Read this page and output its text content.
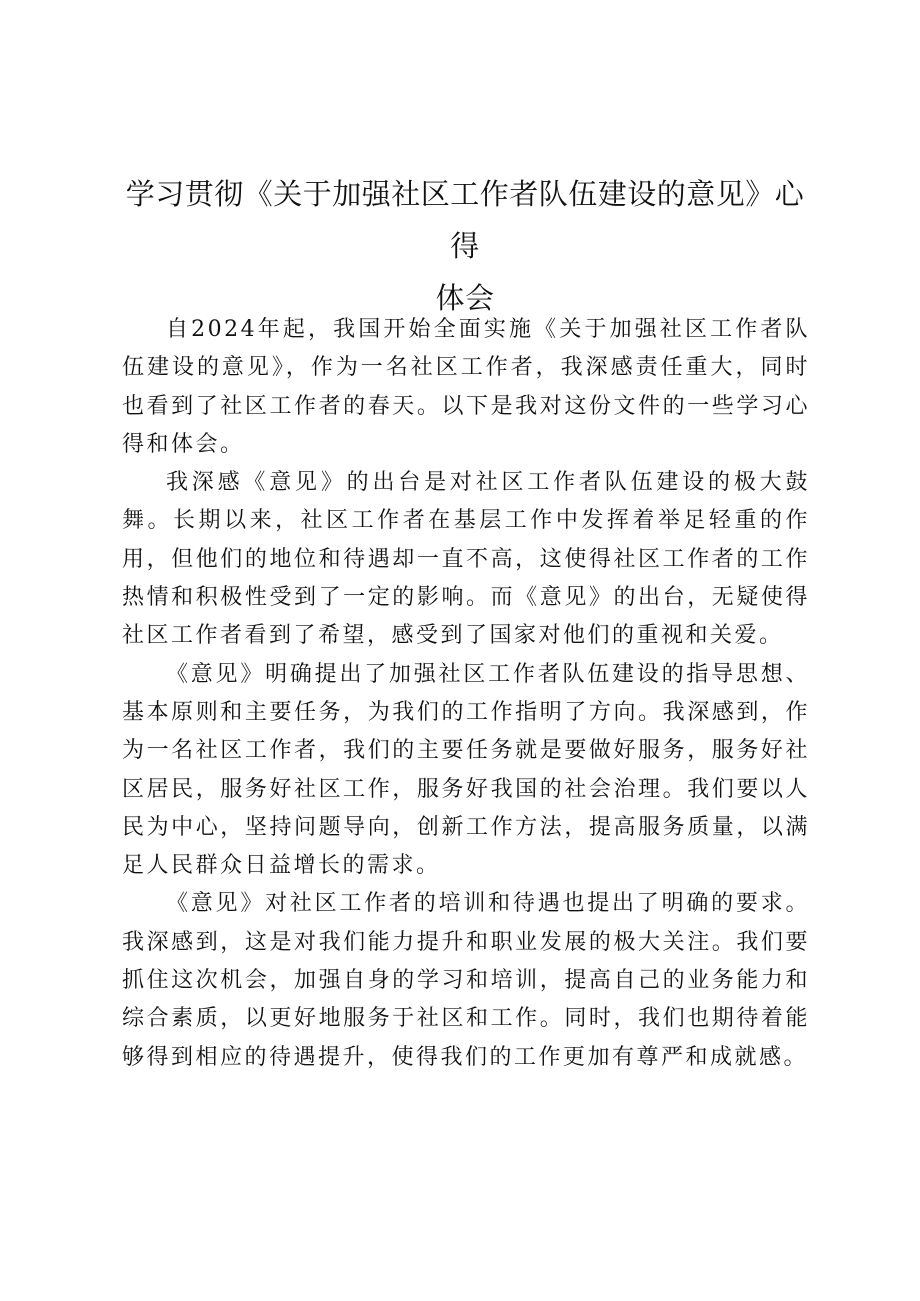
学习贯彻《关于加强社区工作者队伍建设的意见》心得
体会

自2024年起，我国开始全面实施《关于加强社区工作者队伍建设的意见》，作为一名社区工作者，我深感责任重大，同时也看到了社区工作者的春天。以下是我对这份文件的一些学习心得和体会。

我深感《意见》的出台是对社区工作者队伍建设的极大鼓舞。长期以来，社区工作者在基层工作中发挥着举足轻重的作用，但他们的地位和待遇却一直不高，这使得社区工作者的工作热情和积极性受到了一定的影响。而《意见》的出台，无疑使得社区工作者看到了希望，感受到了国家对他们的重视和关爱。

《意见》明确提出了加强社区工作者队伍建设的指导思想、基本原则和主要任务，为我们的工作指明了方向。我深感到，作为一名社区工作者，我们的主要任务就是要做好服务，服务好社区居民，服务好社区工作，服务好我国的社会治理。我们要以人民为中心，坚持问题导向，创新工作方法，提高服务质量，以满足人民群众日益增长的需求。

《意见》对社区工作者的培训和待遇也提出了明确的要求。我深感到，这是对我们能力提升和职业发展的极大关注。我们要抓住这次机会，加强自身的学习和培训，提高自己的业务能力和综合素质，以更好地服务于社区和工作。同时，我们也期待着能够得到相应的待遇提升，使得我们的工作更加有尊严和成就感。
